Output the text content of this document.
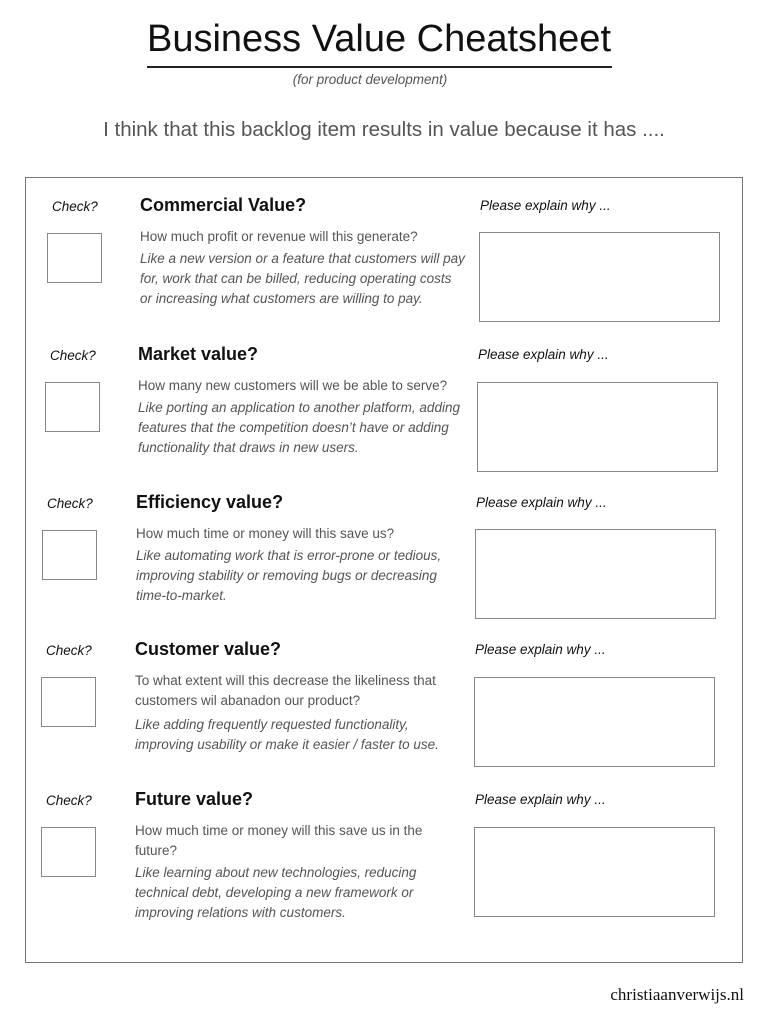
Business Value Cheatsheet
(for product development)
I think that this backlog item results in value because it has ....
Check? Commercial Value?
How much profit or revenue will this generate?
Like a new version or a feature that customers will pay for, work that can be billed, reducing operating costs or increasing what customers are willing to pay.
Please explain why ...
Check? Market value?
How many new customers will we be able to serve?
Like porting an application to another platform, adding features that the competition doesn’t have or adding functionality that draws in new users.
Please explain why ...
Check? Efficiency value?
How much time or money will this save us?
Like automating work that is error-prone or tedious, improving stability or removing bugs or decreasing time-to-market.
Please explain why ...
Check? Customer value?
To what extent will this decrease the likeliness that customers wil abanadon our product?
Like adding frequently requested functionality, improving usability or make it easier / faster to use.
Please explain why ...
Check? Future value?
How much time or money will this save us in the future?
Like learning about new technologies, reducing technical debt, developing a new framework or improving relations with customers.
Please explain why ...
christiaanverwijs.nl
